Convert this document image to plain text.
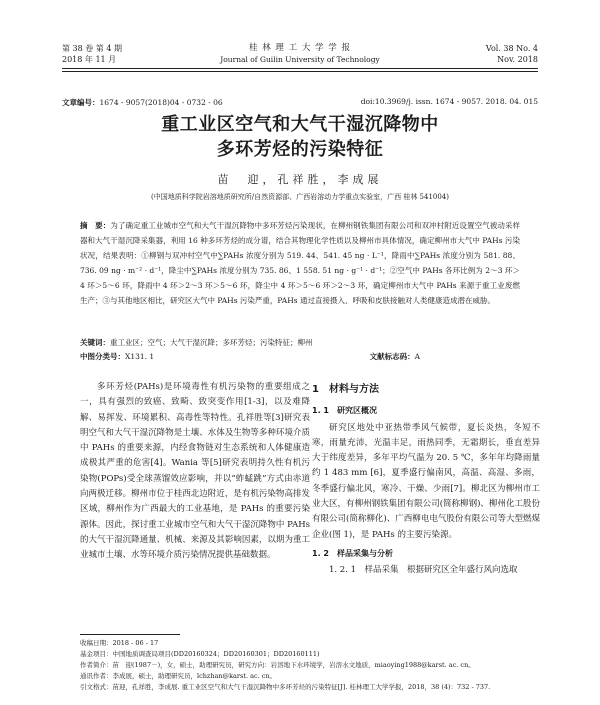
第 38 卷 第 4 期
2018 年 11 月
桂 林 理 工 大 学 学 报
Journal of Guilin University of Technology
Vol. 38 No. 4
Nov. 2018
文章编号：1674 - 9057(2018)04 - 0732 - 06	doi:10.3969/j. issn. 1674 - 9057. 2018. 04. 015
重工业区空气和大气干湿沉降物中
多环芳烃的污染特征
苗　迎，孔祥胜，李成展
(中国地质科学院岩溶地质研究所/自然资源部、广西岩溶动力学重点实验室，广西 桂林 541004)
摘　要：为了确定重工业城市空气和大气干湿沉降物中多环芳烃污染现状，在柳州钢铁集团有限公司和双冲村附近设置空气被动采样器和大气干湿沉降采集器，利用 16 种多环芳烃的成分谱，结合其物理化学性质以及柳州市具体情况，确定柳州市大气中 PAHs 污染状况，结果表明：①柳钢与双冲村空气中∑PAHs 浓度分别为 519. 44、541. 45 ng · L⁻¹，降雨中∑PAHs 浓度分别为 581. 88、736. 09 ng · m⁻² · d⁻¹，降尘中∑PAHs 浓度分别为 735. 86、1 558. 51 ng · g⁻¹ · d⁻¹；②空气中 PAHs 各环比例为 2～3 环＞4 环＞5～6 环，降雨中 4 环＞2～3 环＞5～6 环，降尘中 4 环＞5～6 环＞2～3 环，确定柳州市大气中 PAHs 来源于重工业废燃生产；③与其他地区相比，研究区大气中 PAHs 污染严重，PAHs 通过直接摄入、呼吸和皮肤接触对人类健康造成潜在威胁。
关键词：重工业区；空气；大气干湿沉降；多环芳烃；污染特征；柳州
中图分类号：X131. 1	文献标志码：A
多环芳烃(PAHs)是环境毒性有机污染物的重要组成之一，具有强烈的致癌、致畸、致突变作用[1-3]，以及难降解、易挥发、环境累积、高毒性等特性。孔祥胜等[3]研究表明空气和大气干湿沉降物是土壤、水体及生物等多种环境介质中 PAHs 的重要来源，内经食物链对生态系统和人体健康造成极其严重的危害[4]。Wania 等[5]研究表明持久性有机污染物(POPs)受全球蒸馏效应影响，并以“蚱蜢跳”方式由赤道向两极迁移。柳州市位于桂西北边附近，是有机污染物高排发区域，柳州作为广西最大的工业基地，是 PAHs 的重要污染源体。因此，探讨重工业城市空气和大气干湿沉降物中 PAHs 的大气干湿沉降通量、机械、来源及其影响因素，以期为重工业城市土壤、水等环境介质污染情况提供基础数据。
1　材料与方法
1. 1　研究区概况

研究区地处中亚热带季风气候带，夏长炎热，冬短不寒，雨量充沛，光温丰足，雨热同季，无霜期长，垂直差异大于纬度差异，多年平均气温为 20. 5 ℃，多年年均降雨量约 1 483 mm [6]，夏季盛行偏南风，高温、高湿、多雨，冬季盛行偏北风，寒冷、干燥、少雨[7]。柳北区为柳州市工业大区，有柳州钢铁集团有限公司(简称柳钢)、柳州化工股份有限公司(简称柳化)、广西柳电电气股份有限公司等大型燃煤企业(图 1)，是 PAHs 的主要污染源。

1. 2　样品采集与分析

1. 2. 1　样品采集　根据研究区全年盛行风向选取

收稿日期：2018 - 06 - 17
基金项目：中国地质调查局项目(DD20160324；DD20160301；DD20160111)
作者简介：苗　迎(1987－)，女，硕士，助理研究员，研究方向：岩溶地下水环境学，岩溶水文地质，miaoying1988@karst. ac. cn。
通讯作者：李成展，硕士，助理研究员，lchzhan@karst. ac. cn。
引文格式：苗迎，孔祥胜，李成展. 重工业区空气和大气干湿沉降物中多环芳烃的污染特征[J]. 桂林理工大学学报，2018，38 (4)：732 - 737.
